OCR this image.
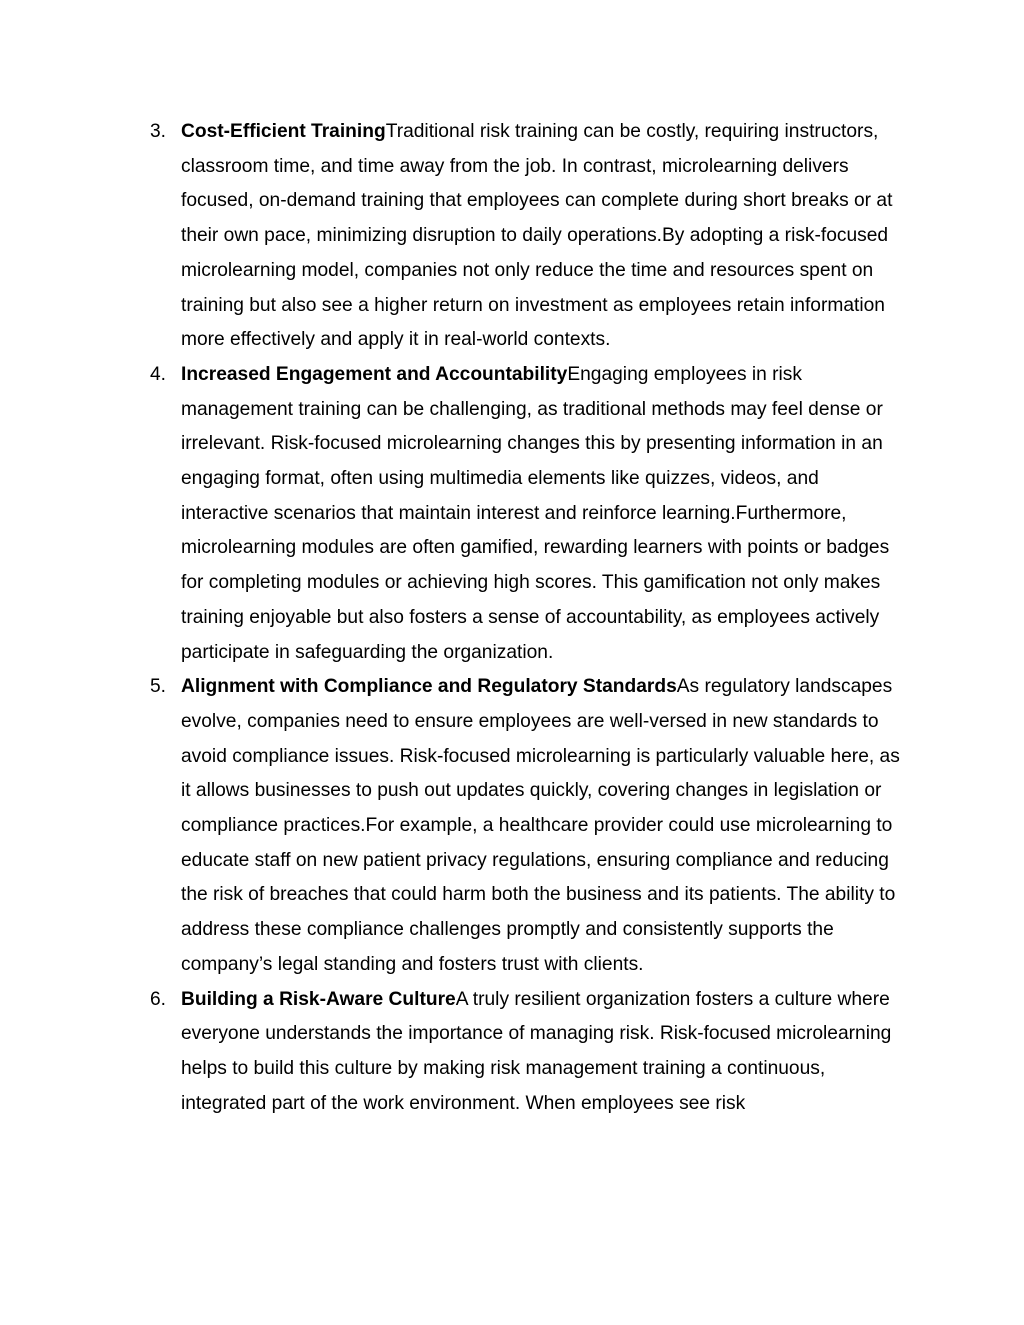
3. Cost-Efficient TrainingTraditional risk training can be costly, requiring instructors, classroom time, and time away from the job. In contrast, microlearning delivers focused, on-demand training that employees can complete during short breaks or at their own pace, minimizing disruption to daily operations.By adopting a risk-focused microlearning model, companies not only reduce the time and resources spent on training but also see a higher return on investment as employees retain information more effectively and apply it in real-world contexts.
4. Increased Engagement and AccountabilityEngaging employees in risk management training can be challenging, as traditional methods may feel dense or irrelevant. Risk-focused microlearning changes this by presenting information in an engaging format, often using multimedia elements like quizzes, videos, and interactive scenarios that maintain interest and reinforce learning.Furthermore, microlearning modules are often gamified, rewarding learners with points or badges for completing modules or achieving high scores. This gamification not only makes training enjoyable but also fosters a sense of accountability, as employees actively participate in safeguarding the organization.
5. Alignment with Compliance and Regulatory StandardsAs regulatory landscapes evolve, companies need to ensure employees are well-versed in new standards to avoid compliance issues. Risk-focused microlearning is particularly valuable here, as it allows businesses to push out updates quickly, covering changes in legislation or compliance practices.For example, a healthcare provider could use microlearning to educate staff on new patient privacy regulations, ensuring compliance and reducing the risk of breaches that could harm both the business and its patients. The ability to address these compliance challenges promptly and consistently supports the company’s legal standing and fosters trust with clients.
6. Building a Risk-Aware CultureA truly resilient organization fosters a culture where everyone understands the importance of managing risk. Risk-focused microlearning helps to build this culture by making risk management training a continuous, integrated part of the work environment. When employees see risk
